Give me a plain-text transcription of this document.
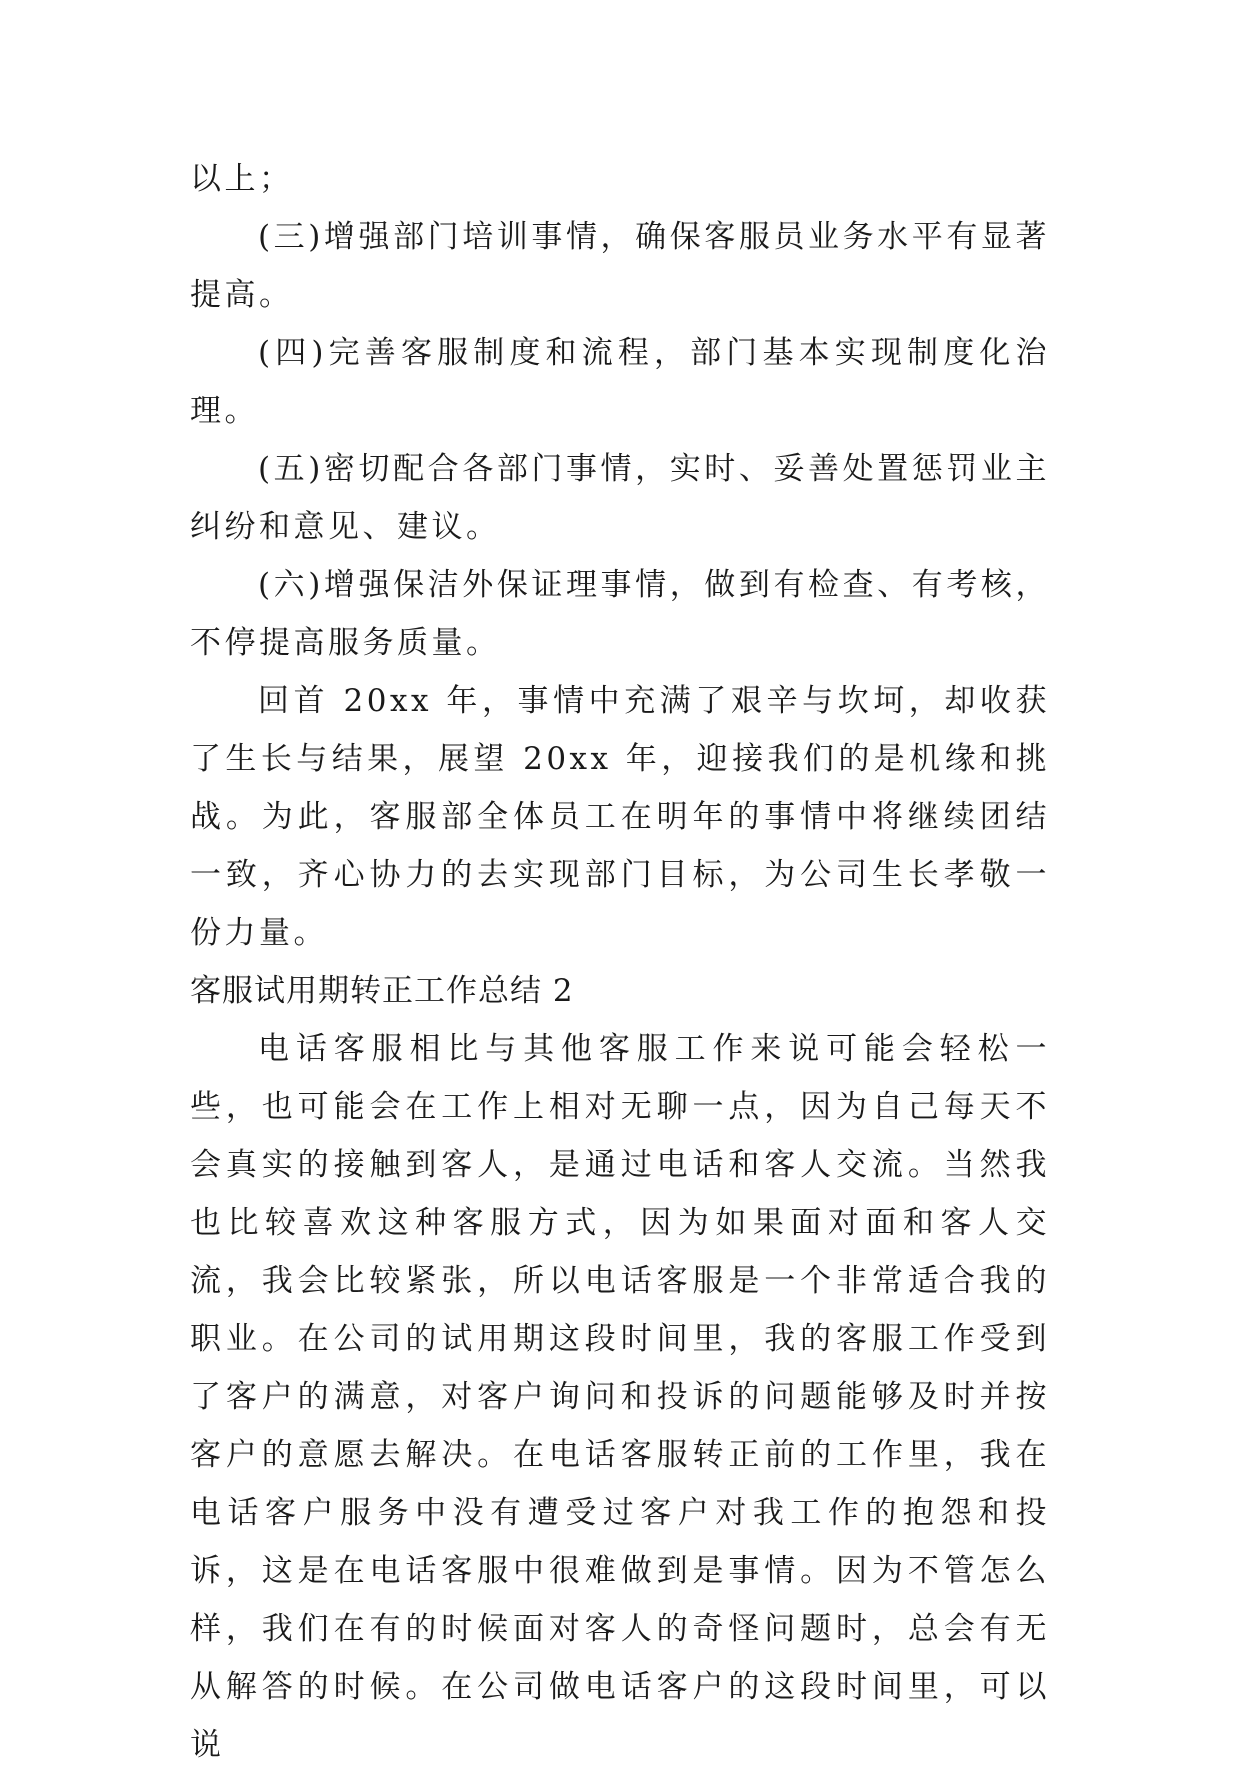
以上；

(三)增强部门培训事情，确保客服员业务水平有显著提高。

(四)完善客服制度和流程，部门基本实现制度化治理。

(五)密切配合各部门事情，实时、妥善处置惩罚业主纠纷和意见、建议。

(六)增强保洁外保证理事情，做到有检查、有考核，不停提高服务质量。

回首 20xx 年，事情中充满了艰辛与坎坷，却收获了生长与结果，展望 20xx 年，迎接我们的是机缘和挑战。为此，客服部全体员工在明年的事情中将继续团结一致，齐心协力的去实现部门目标，为公司生长孝敬一份力量。

客服试用期转正工作总结 2

电话客服相比与其他客服工作来说可能会轻松一些，也可能会在工作上相对无聊一点，因为自己每天不会真实的接触到客人，是通过电话和客人交流。当然我也比较喜欢这种客服方式，因为如果面对面和客人交流，我会比较紧张，所以电话客服是一个非常适合我的职业。在公司的试用期这段时间里，我的客服工作受到了客户的满意，对客户询问和投诉的问题能够及时并按客户的意愿去解决。在电话客服转正前的工作里，我在电话客户服务中没有遭受过客户对我工作的抱怨和投诉，这是在电话客服中很难做到是事情。因为不管怎么样，我们在有的时候面对客人的奇怪问题时，总会有无从解答的时候。在公司做电话客户的这段时间里，可以说
